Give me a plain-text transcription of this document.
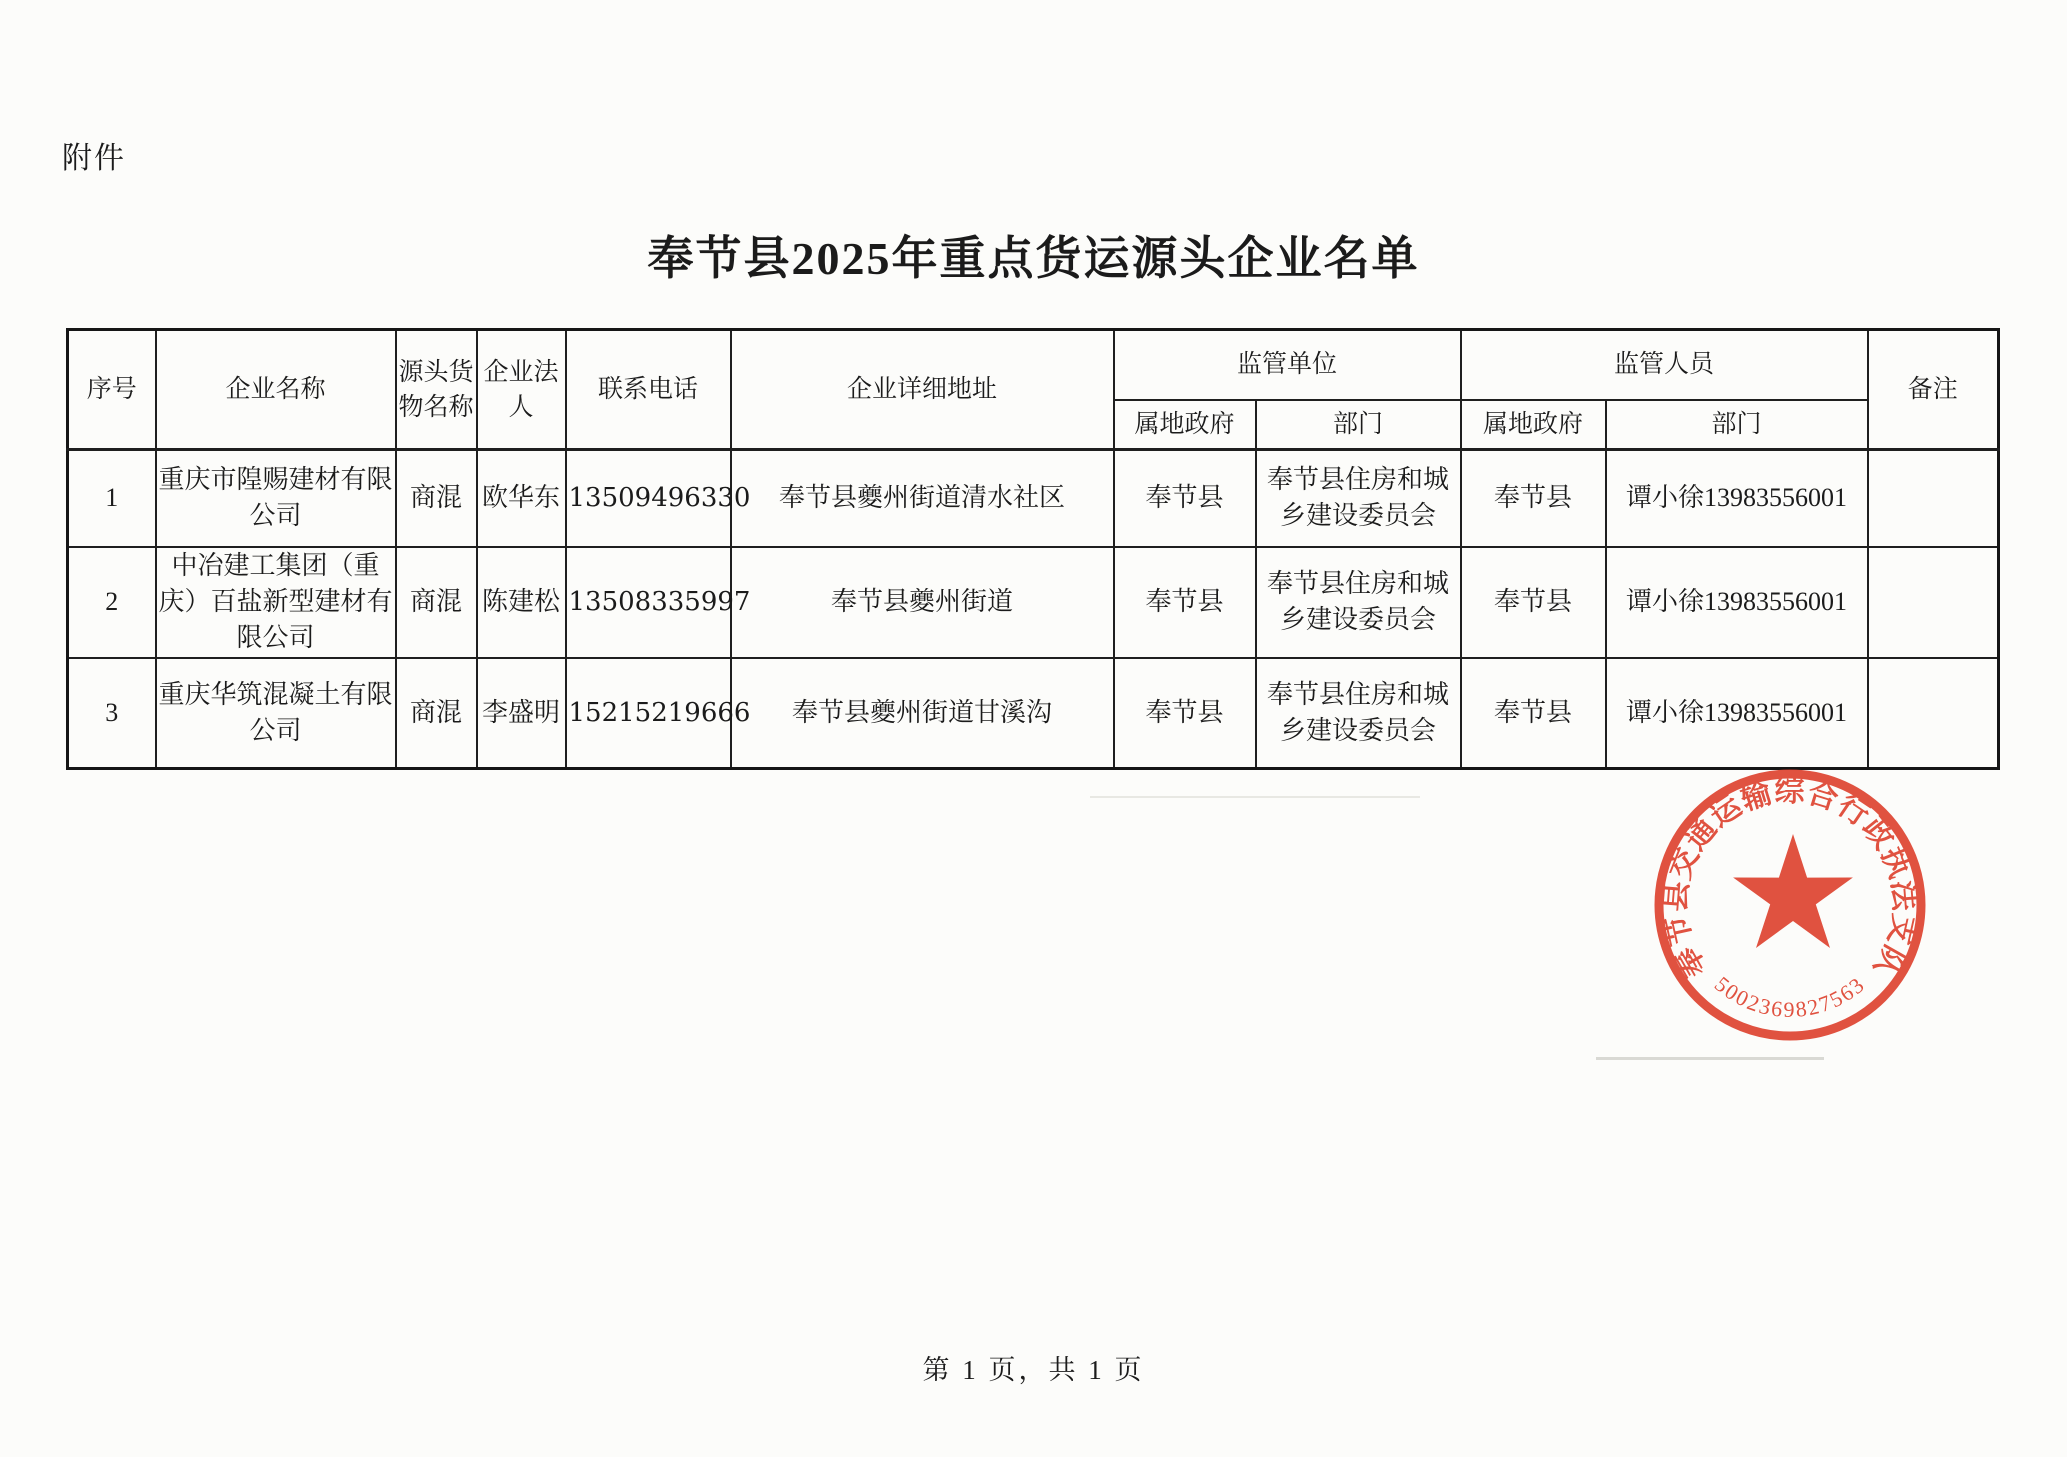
附件
奉节县2025年重点货运源头企业名单
序号	企业名称	源头货物名称	企业法人	联系电话	企业详细地址	监管单位		监管人员		备注
						属地政府	部门	属地政府	部门	
1	重庆市隍赐建材有限公司	商混	欧华东	13509496330	奉节县夔州街道清水社区	奉节县	奉节县住房和城乡建设委员会	奉节县	谭小徐13983556001	
2	中冶建工集团（重庆）百盐新型建材有限公司	商混	陈建松	13508335997	奉节县夔州街道	奉节县	奉节县住房和城乡建设委员会	奉节县	谭小徐13983556001	
3	重庆华筑混凝土有限公司	商混	李盛明	15215219666	奉节县夔州街道甘溪沟	奉节县	奉节县住房和城乡建设委员会	奉节县	谭小徐13983556001	
奉节县交通运输综合行政执法支队
5002369827563
第 1 页，共 1 页
